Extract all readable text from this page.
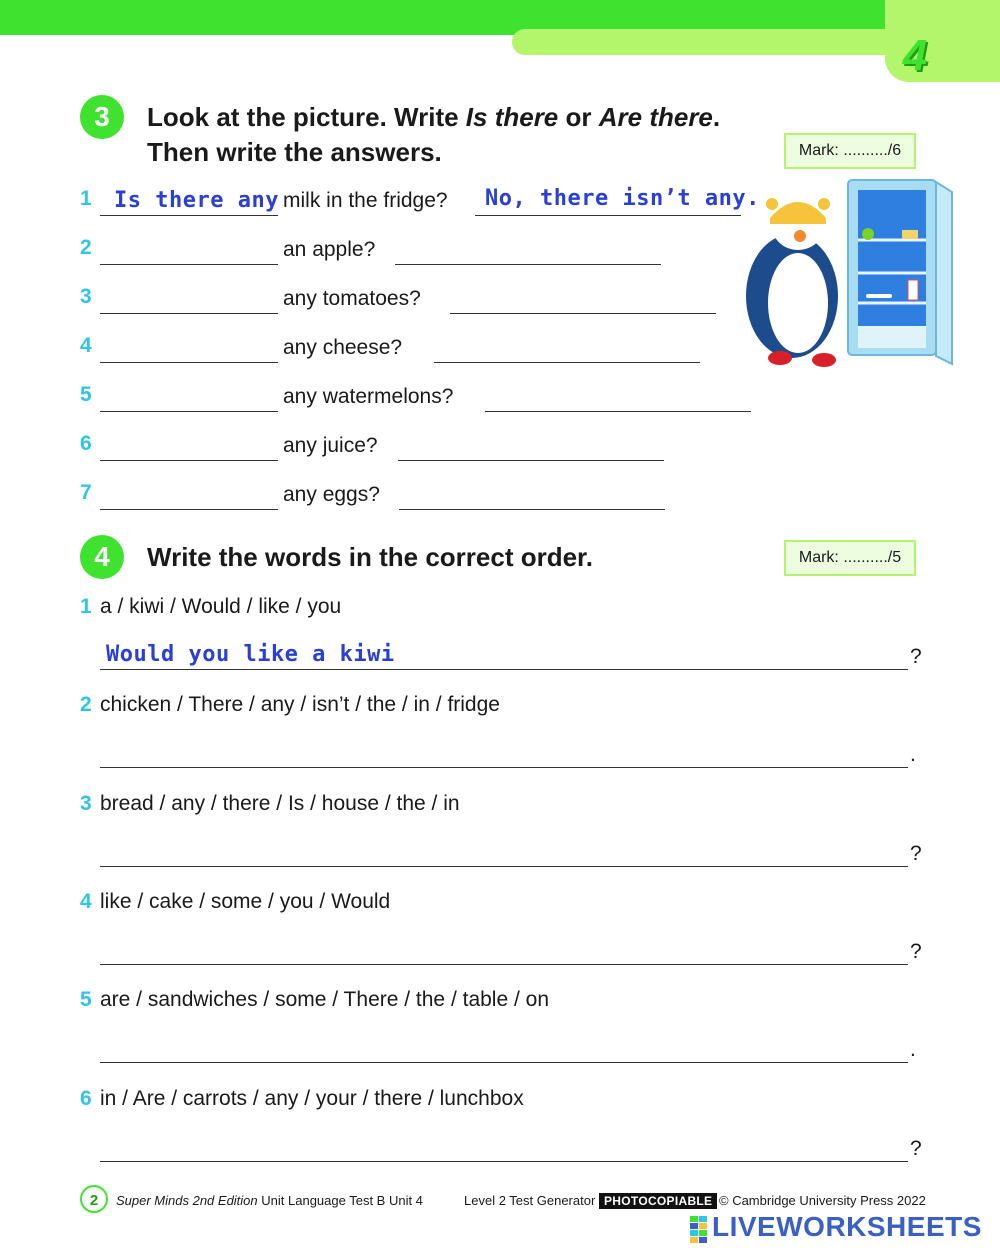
4
3	Look at the picture. Write Is there or Are there.
Then write the answers.	Mark: ........../6
1	Is there any milk in the fridge? No, there isn’t any.
2	an apple?
3	any tomatoes?
4	any cheese?
5	any watermelons?
6	any juice?
7	any eggs?
4	Write the words in the correct order.	Mark: ........../5
1 a / kiwi / Would / like / you
Would you like a kiwi	?
2 chicken / There / any / isn’t / the / in / fridge
.
3 bread / any / there / Is / house / the / in
?
4 like / cake / some / you / Would
?
5 are / sandwiches / some / There / the / table / on
.
6 in / Are / carrots / any / your / there / lunchbox
?
2	Super Minds 2nd Edition Unit Language Test B Unit 4	Level 2 Test Generator PHOTOCOPIABLE © Cambridge University Press 2022
LIVEWORKSHEETS
